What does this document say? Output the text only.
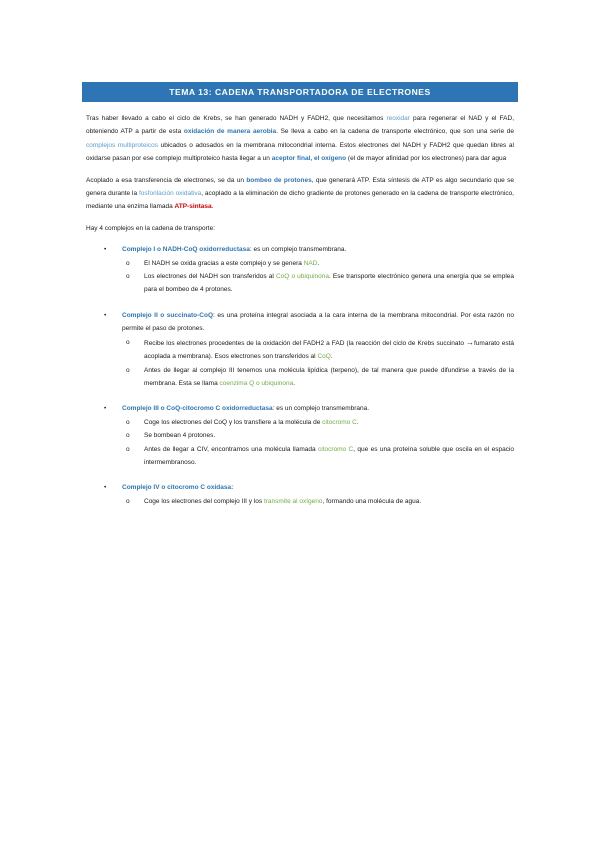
TEMA 13: CADENA TRANSPORTADORA DE ELECTRONES

Tras haber llevado a cabo el ciclo de Krebs, se han generado NADH y FADH2, que necesitamos reoxidar para regenerar el NAD y el FAD, obteniendo ATP a partir de esta oxidación de manera aerobia. Se lleva a cabo en la cadena de transporte electrónico, que son una serie de complejos multiproteicos ubicados o adosados en la membrana mitocondrial interna. Estos electrones del NADH y FADH2 que quedan libres al oxidarse pasan por ese complejo multiproteico hasta llegar a un aceptor final, el oxígeno (el de mayor afinidad por los electrones) para dar agua

Acoplado a esa transferencia de electrones, se da un bombeo de protones, que generará ATP. Esta síntesis de ATP es algo secundario que se genera durante la fosforilación oxidativa, acoplado a la eliminación de dicho gradiente de protones generado en la cadena de transporte electrónico, mediante una enzima llamada ATP-sintasa.

Hay 4 complejos en la cadena de transporte:

• Complejo I o NADH-CoQ oxidorreductasa: es un complejo transmembrana.

o El NADH se oxida gracias a este complejo y se genera NAD.
o Los electrones del NADH son transferidos al CoQ o ubiquinona. Ese transporte electrónico genera una energía que se emplea para el bombeo de 4 protones.
• Complejo II o succinato-CoQ: es una proteína integral asociada a la cara interna de la membrana mitocondrial. Por esta razón no permite el paso de protones.

o Recibe los electrones procedentes de la oxidación del FADH2 a FAD (la reacción del ciclo de Krebs succinato →fumarato está acoplada a membrana). Esos electrones son transferidos al CoQ.
o Antes de llegar al complejo III tenemos una molécula lipídica (terpeno), de tal manera que puede difundirse a través de la membrana. Esta se llama coenzima Q o ubiquinona.
• Complejo III o CoQ-citocromo C oxidorreductasa: es un complejo transmembrana.

o Coge los electrones del CoQ y los transfiere a la molécula de citocromo C.
o Se bombean 4 protones.
o Antes de llegar a CIV, encontramos una molécula llamada citocromo C, que es una proteína soluble que oscila en el espacio intermembranoso.
• Complejo IV o citocromo C oxidasa:

o Coge los electrones del complejo III y los transmite al oxígeno, formando una molécula de agua.
